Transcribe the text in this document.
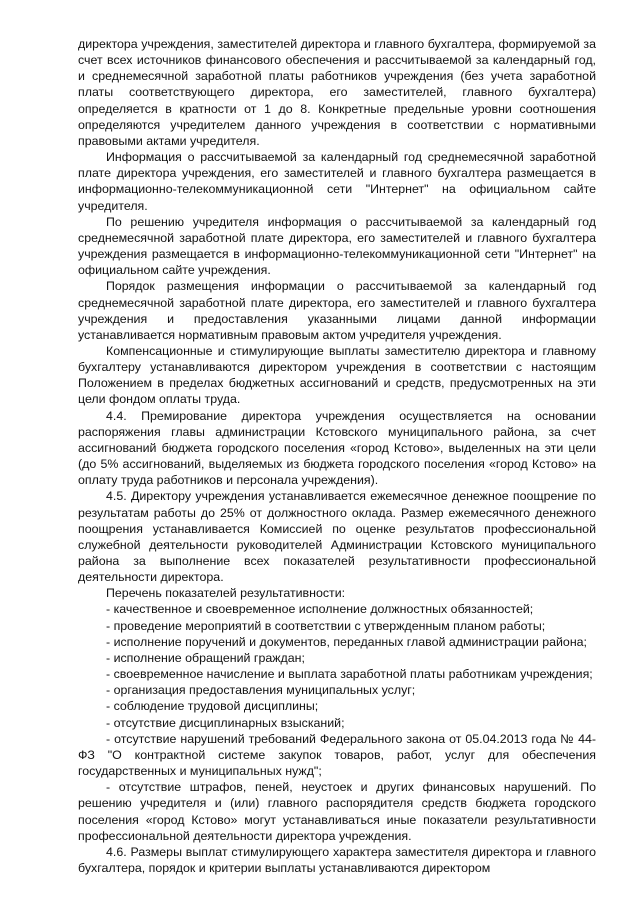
директора учреждения, заместителей директора и главного бухгалтера, формируемой за счет всех источников финансового обеспечения и рассчитываемой за календарный год, и среднемесячной заработной платы работников учреждения (без учета заработной платы соответствующего директора, его заместителей, главного бухгалтера) определяется в кратности от 1 до 8. Конкретные предельные уровни соотношения определяются учредителем данного учреждения в соответствии с нормативными правовыми актами учредителя.

Информация о рассчитываемой за календарный год среднемесячной заработной плате директора учреждения, его заместителей и главного бухгалтера размещается в информационно-телекоммуникационной сети "Интернет" на официальном сайте учредителя.

По решению учредителя информация о рассчитываемой за календарный год среднемесячной заработной плате директора, его заместителей и главного бухгалтера учреждения размещается в информационно-телекоммуникационной сети "Интернет" на официальном сайте учреждения.

Порядок размещения информации о рассчитываемой за календарный год среднемесячной заработной плате директора, его заместителей и главного бухгалтера учреждения и предоставления указанными лицами данной информации устанавливается нормативным правовым актом учредителя учреждения.

Компенсационные и стимулирующие выплаты заместителю директора и главному бухгалтеру устанавливаются директором учреждения в соответствии с настоящим Положением в пределах бюджетных ассигнований и средств, предусмотренных на эти цели фондом оплаты труда.

4.4. Премирование директора учреждения осуществляется на основании распоряжения главы администрации Кстовского муниципального района, за счет ассигнований бюджета городского поселения «город Кстово», выделенных на эти цели (до 5% ассигнований, выделяемых из бюджета городского поселения «город Кстово» на оплату труда работников и персонала учреждения).

4.5. Директору учреждения устанавливается ежемесячное денежное поощрение по результатам работы до 25% от должностного оклада. Размер ежемесячного денежного поощрения устанавливается Комиссией по оценке результатов профессиональной служебной деятельности руководителей Администрации Кстовского муниципального района за выполнение всех показателей результативности профессиональной деятельности директора.

Перечень показателей результативности:

- качественное и своевременное исполнение должностных обязанностей;

- проведение мероприятий в соответствии с утвержденным планом работы;

- исполнение поручений и документов, переданных главой администрации района;

- исполнение обращений граждан;

- своевременное начисление и выплата заработной платы работникам учреждения;

- организация предоставления муниципальных услуг;

- соблюдение трудовой дисциплины;

- отсутствие дисциплинарных взысканий;

- отсутствие нарушений требований Федерального закона от 05.04.2013 года № 44-ФЗ "О контрактной системе закупок товаров, работ, услуг для обеспечения государственных и муниципальных нужд";

- отсутствие штрафов, пеней, неустоек и других финансовых нарушений. По решению учредителя и (или) главного распорядителя средств бюджета городского поселения «город Кстово» могут устанавливаться иные показатели результативности профессиональной деятельности директора учреждения.

4.6. Размеры выплат стимулирующего характера заместителя директора и главного бухгалтера, порядок и критерии выплаты устанавливаются директором
